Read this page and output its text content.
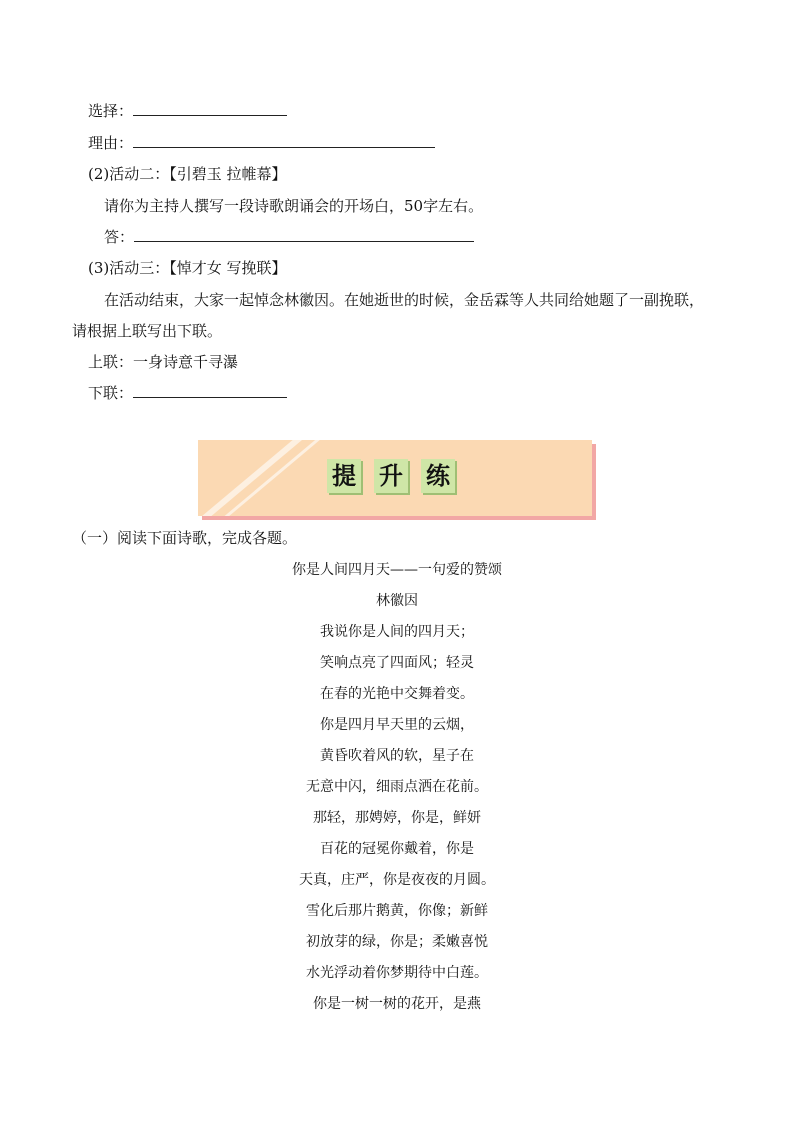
选择：
理由：
(2)活动二：【引碧玉 拉帷幕】
请你为主持人撰写一段诗歌朗诵会的开场白，50字左右。
答：
(3)活动三：【悼才女 写挽联】
在活动结束，大家一起悼念林徽因。在她逝世的时候，金岳霖等人共同给她题了一副挽联，
请根据上联写出下联。
上联：一身诗意千寻瀑
下联：
提 升 练
（一）阅读下面诗歌，完成各题。
你是人间四月天——一句爱的赞颂
林徽因
我说你是人间的四月天；
笑响点亮了四面风；轻灵
在春的光艳中交舞着变。
你是四月早天里的云烟，
黄昏吹着风的软，星子在
无意中闪，细雨点洒在花前。
那轻，那娉婷，你是，鲜妍
百花的冠冕你戴着，你是
天真，庄严，你是夜夜的月圆。
雪化后那片鹅黄，你像；新鲜
初放芽的绿，你是；柔嫩喜悦
水光浮动着你梦期待中白莲。
你是一树一树的花开，是燕
